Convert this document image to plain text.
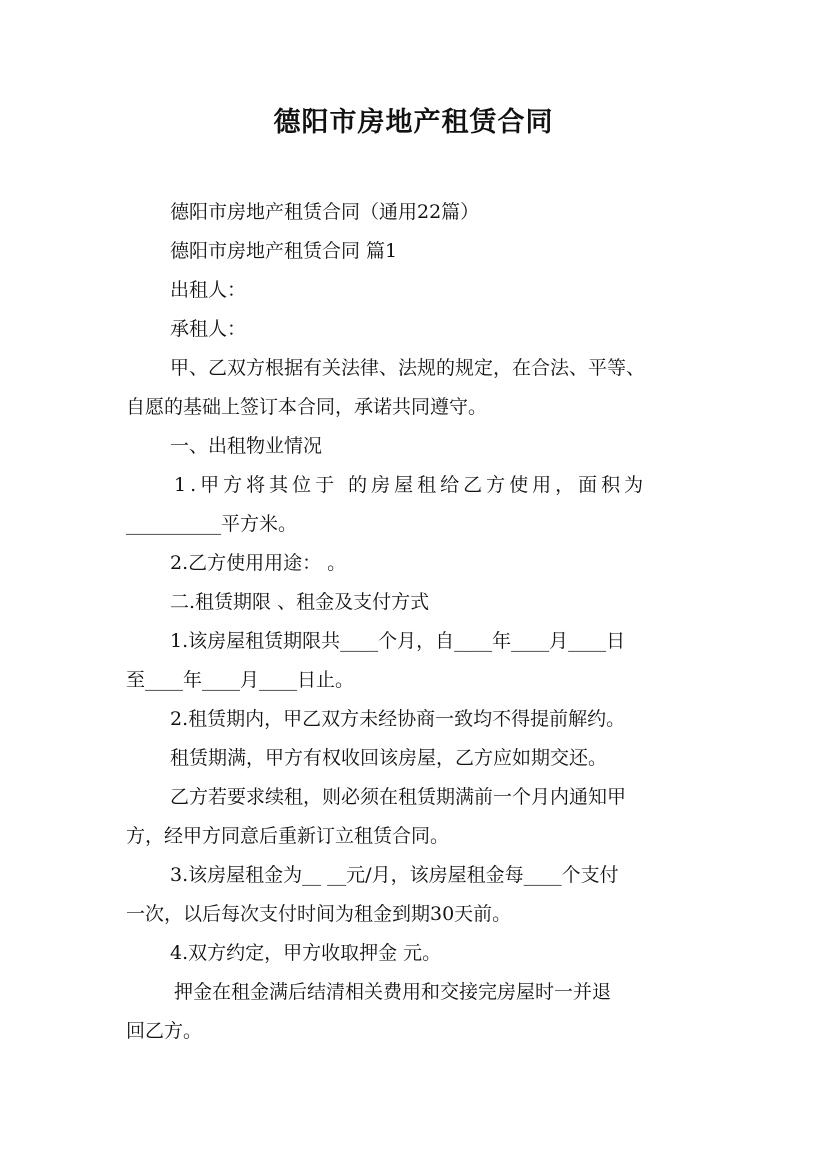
德阳市房地产租赁合同
德阳市房地产租赁合同（通用22篇）
德阳市房地产租赁合同 篇1
出租人：
承租人：
甲、乙双方根据有关法律、法规的规定，在合法、平等、
自愿的基础上签订本合同，承诺共同遵守。
一、出租物业情况
1.甲方将其位于 的房屋租给乙方使用，面积为
__________平方米。
2.乙方使用用途： 。
二.租赁期限 、租金及支付方式
1.该房屋租赁期限共____个月，自____年____月____日
至____年____月____日止。
2.租赁期内，甲乙双方未经协商一致均不得提前解约。
租赁期满，甲方有权收回该房屋，乙方应如期交还。
乙方若要求续租，则必须在租赁期满前一个月内通知甲
方，经甲方同意后重新订立租赁合同。
3.该房屋租金为__ __元/月，该房屋租金每____个支付
一次，以后每次支付时间为租金到期30天前。
4.双方约定，甲方收取押金 元。
押金在租金满后结清相关费用和交接完房屋时一并退
回乙方。
